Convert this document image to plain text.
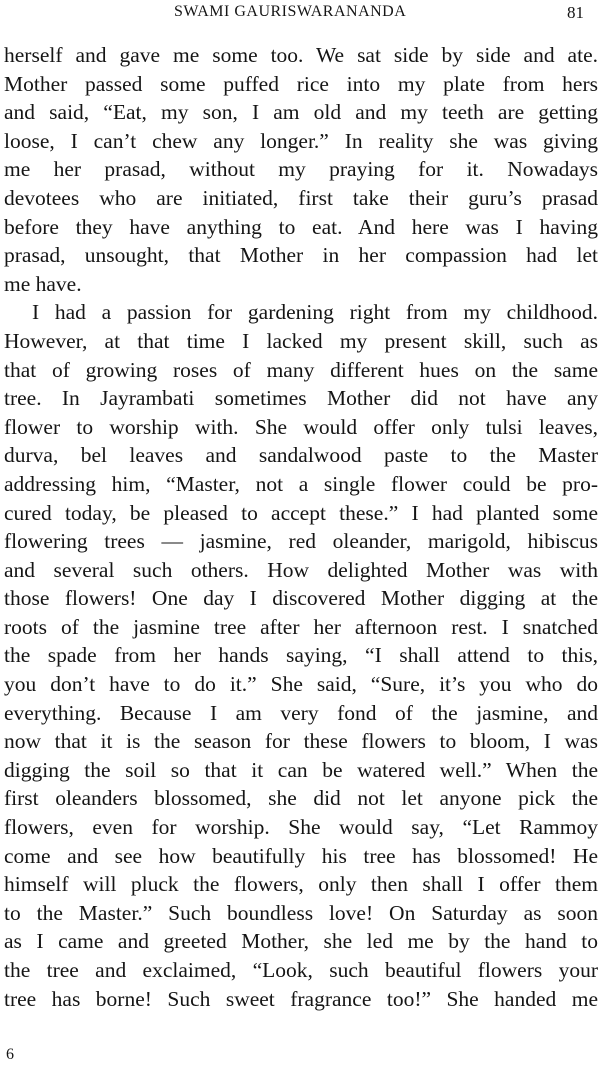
SWAMI GAURISWARANANDA	81
herself and gave me some too. We sat side by side and ate.
Mother passed some puffed rice into my plate from hers
and said, “Eat, my son, I am old and my teeth are getting
loose, I can’t chew any longer.” In reality she was giving
me her prasad, without my praying for it. Nowadays
devotees who are initiated, first take their guru’s prasad
before they have anything to eat. And here was I having
prasad, unsought, that Mother in her compassion had let
me have.
I had a passion for gardening right from my childhood.
However, at that time I lacked my present skill, such as
that of growing roses of many different hues on the same
tree. In Jayrambati sometimes Mother did not have any
flower to worship with. She would offer only tulsi leaves,
durva, bel leaves and sandalwood paste to the Master
addressing him, “Master, not a single flower could be pro-
cured today, be pleased to accept these.” I had planted some
flowering trees — jasmine, red oleander, marigold, hibiscus
and several such others. How delighted Mother was with
those flowers! One day I discovered Mother digging at the
roots of the jasmine tree after her afternoon rest. I snatched
the spade from her hands saying, “I shall attend to this,
you don’t have to do it.” She said, “Sure, it’s you who do
everything. Because I am very fond of the jasmine, and
now that it is the season for these flowers to bloom, I was
digging the soil so that it can be watered well.” When the
first oleanders blossomed, she did not let anyone pick the
flowers, even for worship. She would say, “Let Rammoy
come and see how beautifully his tree has blossomed! He
himself will pluck the flowers, only then shall I offer them
to the Master.” Such boundless love! On Saturday as soon
as I came and greeted Mother, she led me by the hand to
the tree and exclaimed, “Look, such beautiful flowers your
tree has borne! Such sweet fragrance too!” She handed me
6
